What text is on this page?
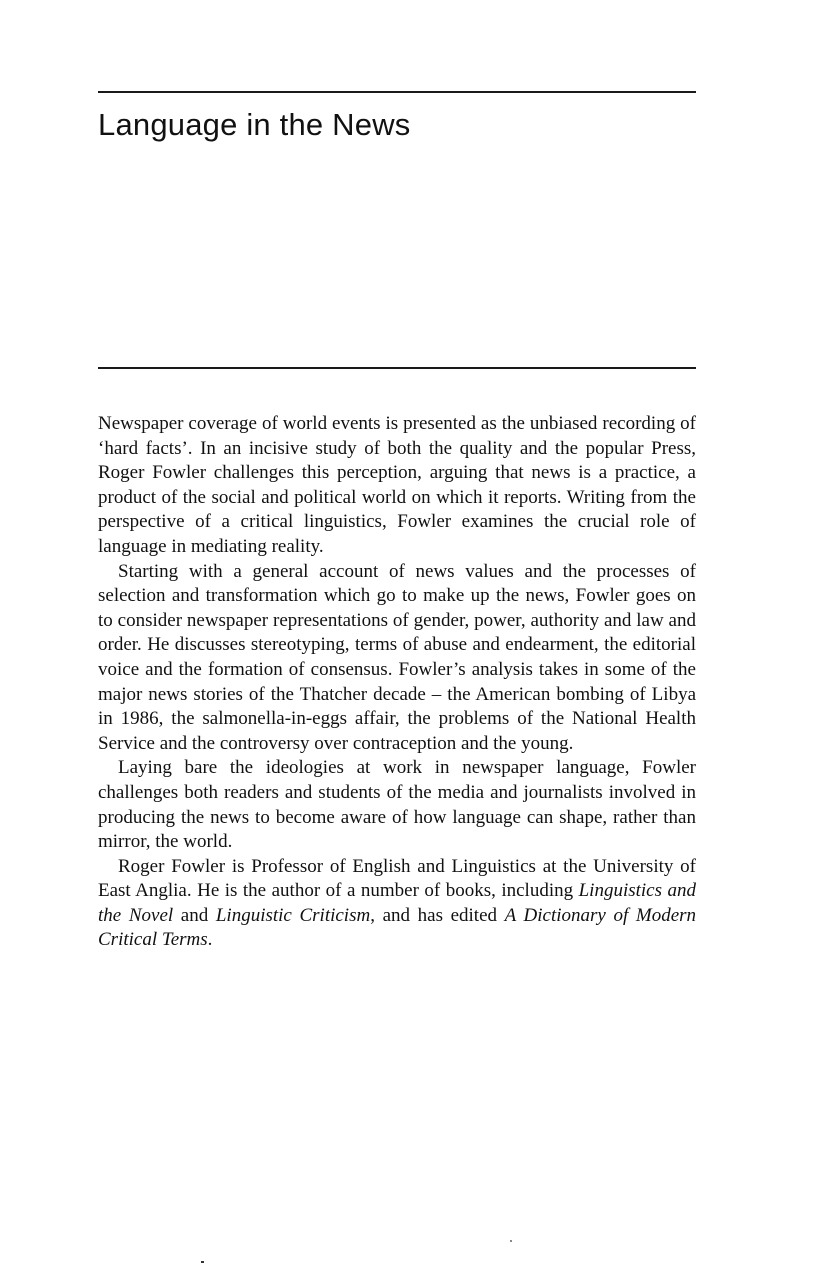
Language in the News

Newspaper coverage of world events is presented as the unbiased recording of ‘hard facts’. In an incisive study of both the quality and the popular Press, Roger Fowler challenges this perception, arguing that news is a practice, a product of the social and political world on which it reports. Writing from the perspective of a critical linguistics, Fowler examines the crucial role of language in mediating reality.

Starting with a general account of news values and the processes of selection and transformation which go to make up the news, Fowler goes on to consider newspaper representations of gender, power, authority and law and order. He discusses stereotyping, terms of abuse and endearment, the editorial voice and the formation of consensus. Fowler’s analysis takes in some of the major news stories of the Thatcher decade – the American bombing of Libya in 1986, the salmonella-in-eggs affair, the problems of the National Health Service and the controversy over contraception and the young.

Laying bare the ideologies at work in newspaper language, Fowler challenges both readers and students of the media and journalists involved in producing the news to become aware of how language can shape, rather than mirror, the world.

Roger Fowler is Professor of English and Linguistics at the University of East Anglia. He is the author of a number of books, including Linguistics and the Novel and Linguistic Criticism, and has edited A Dictionary of Modern Critical Terms.
